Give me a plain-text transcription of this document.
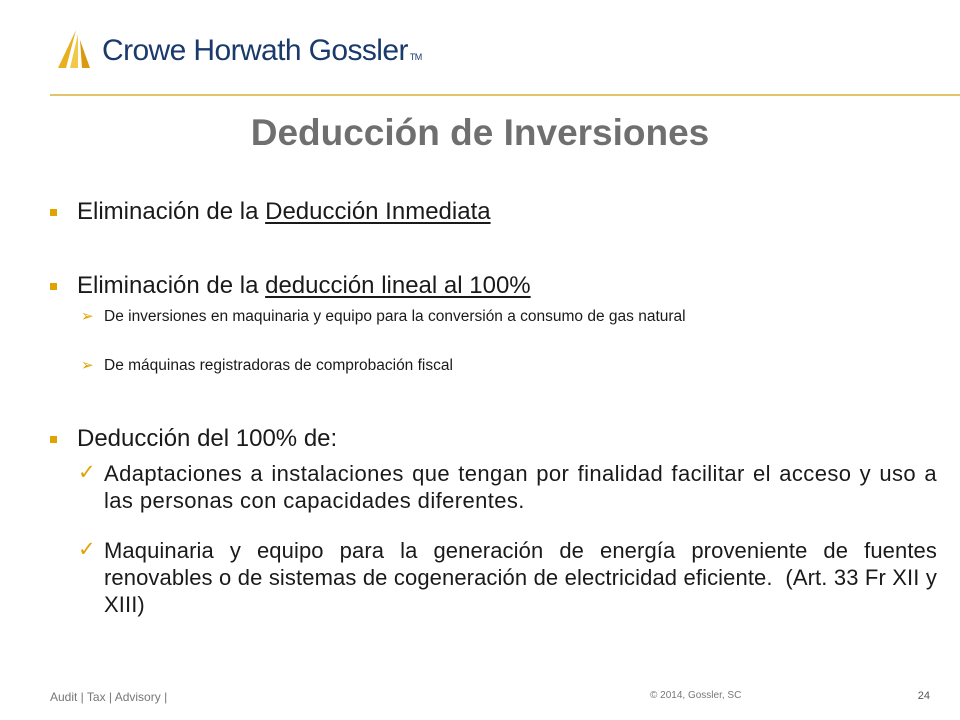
Crowe Horwath Gossler TM
Deducción de Inversiones
Eliminación de la Deducción Inmediata
Eliminación de la deducción lineal al 100%
➢ De inversiones en maquinaria y equipo para la conversión a consumo de gas natural
➢ De máquinas registradoras de comprobación fiscal
Deducción del 100% de:
✓ Adaptaciones a instalaciones que tengan por finalidad facilitar el acceso y uso a las personas con capacidades diferentes.
✓ Maquinaria y equipo para la generación de energía proveniente de fuentes renovables o de sistemas de cogeneración de electricidad eficiente. (Art. 33 Fr XII y XIII)
Audit | Tax | Advisory |	© 2014, Gossler, SC	24
